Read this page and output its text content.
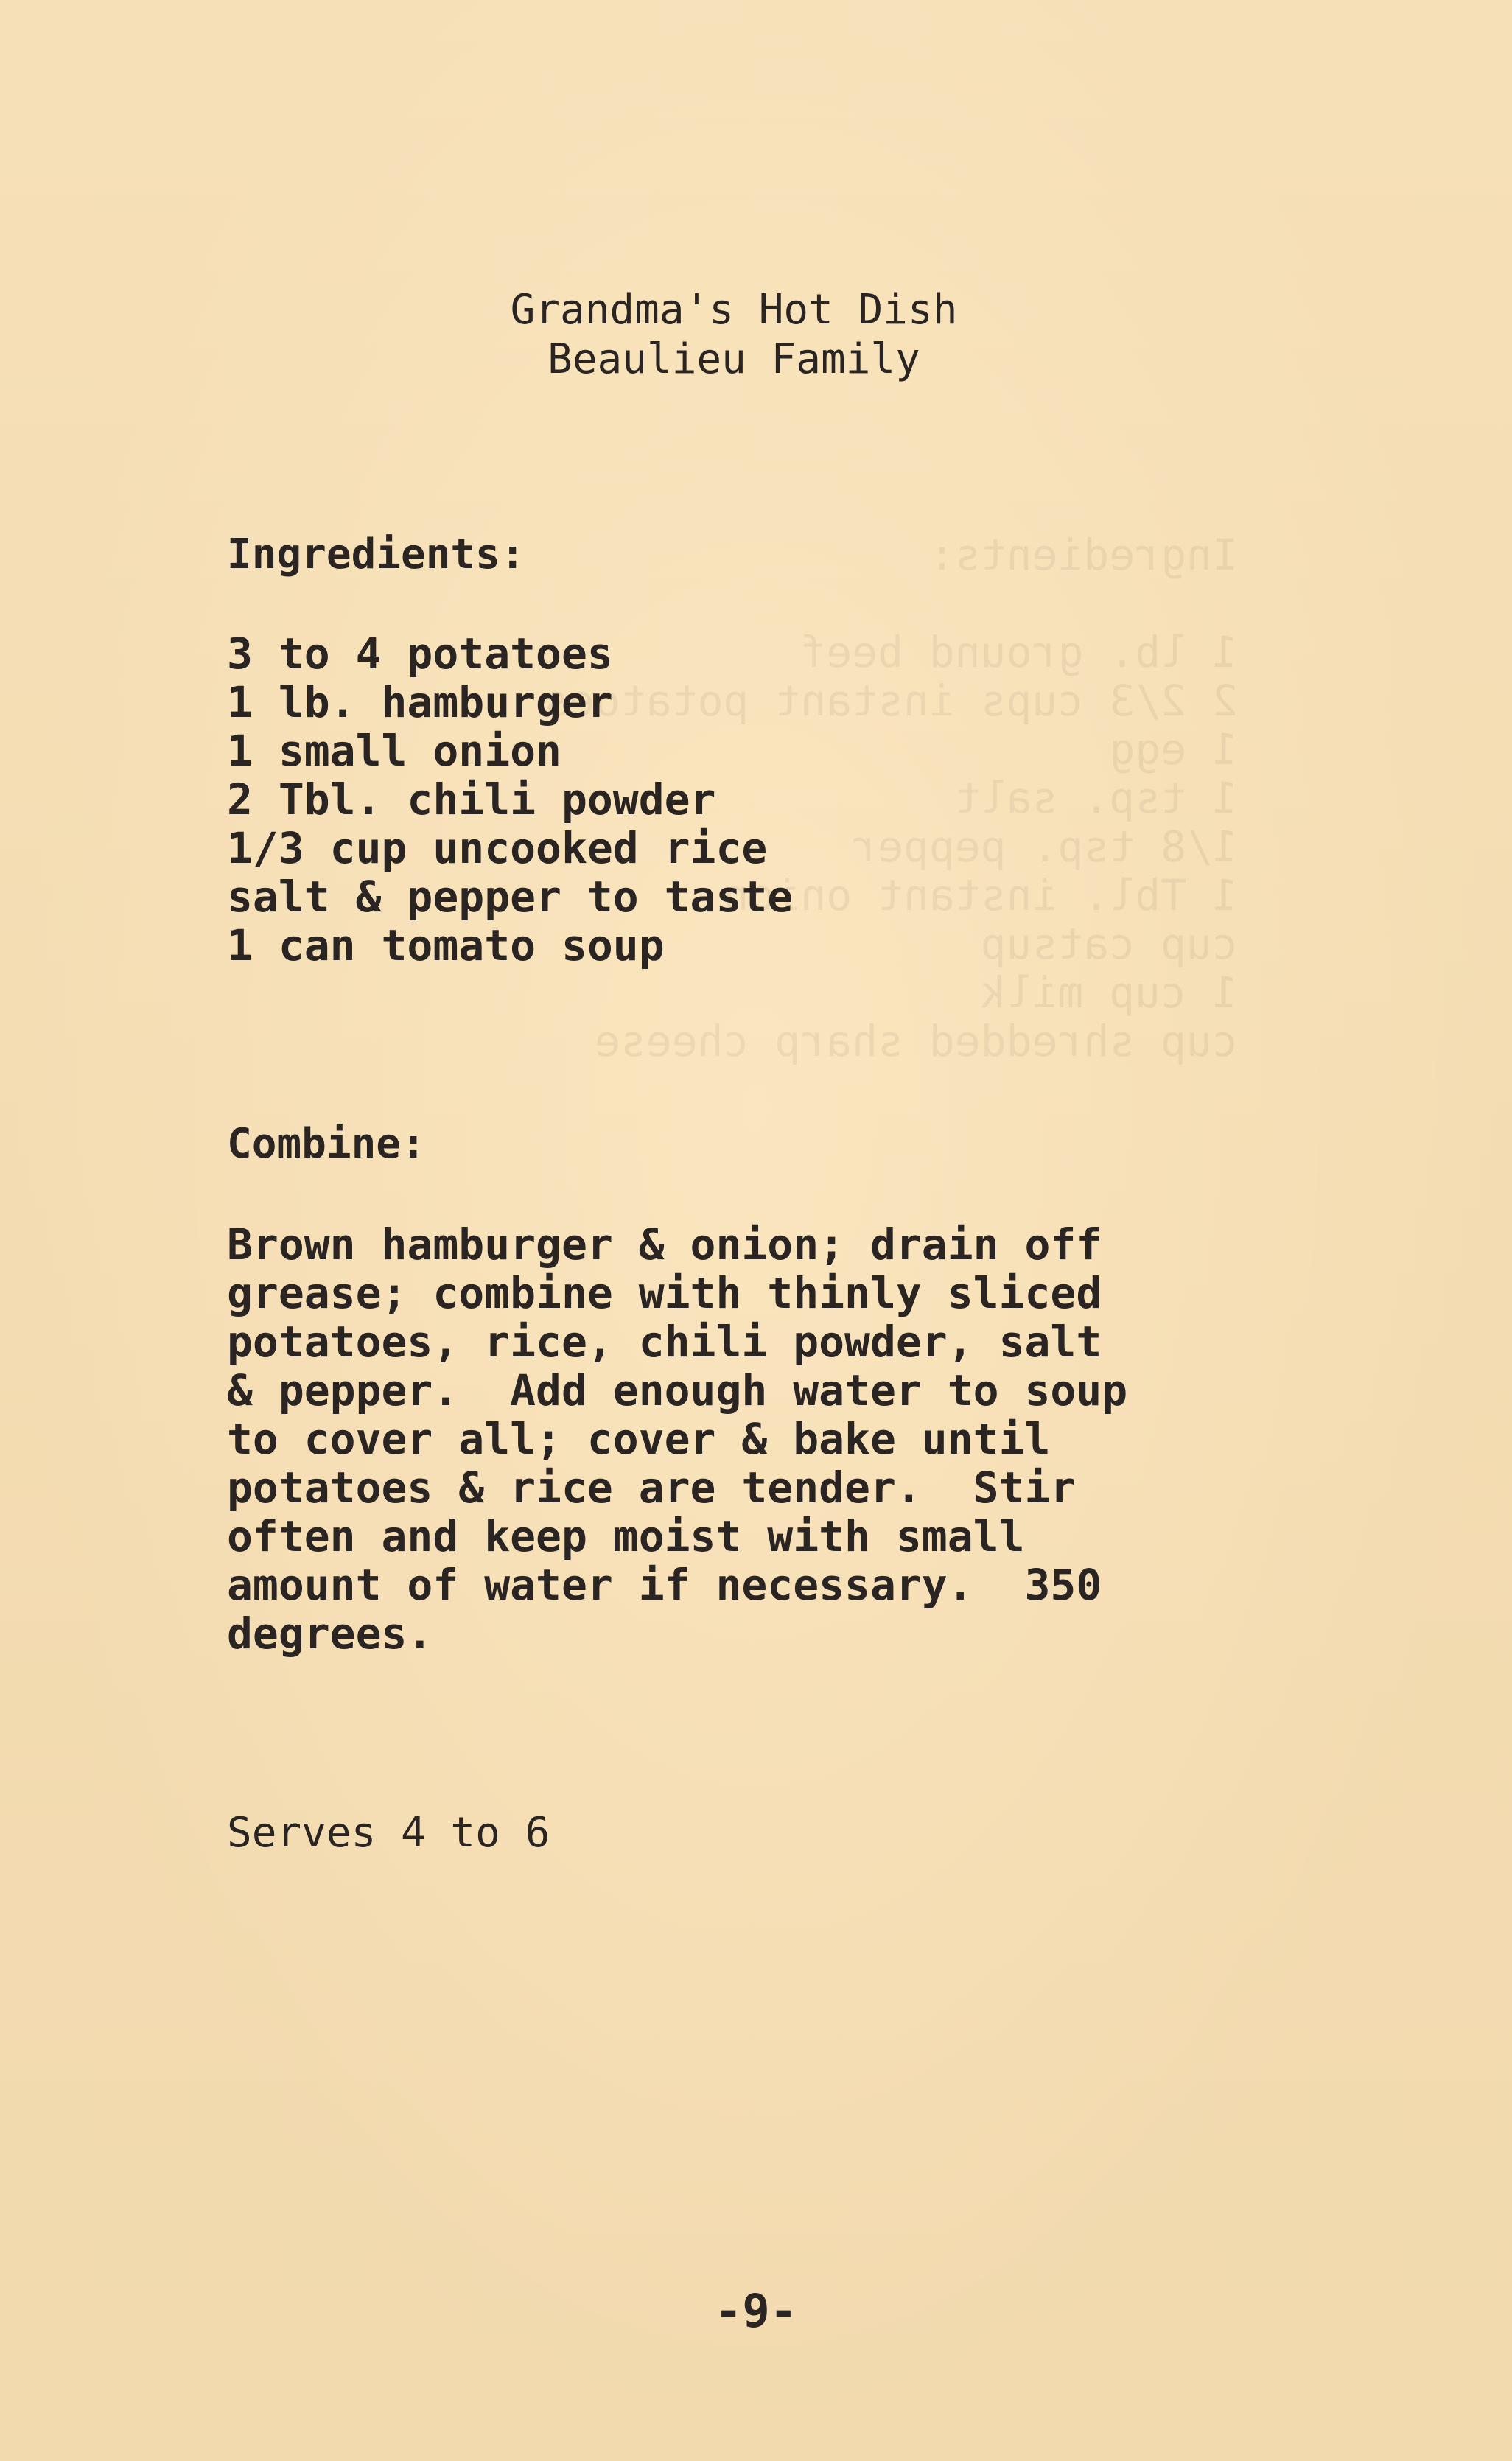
Ingredients:

1 lb. ground beef
2 2/3 cups instant potatoes
1 egg
1 tsp. salt
1/8 tsp. pepper
1 Tbl. instant onion
cup catsup
1 cup milk
cup shredded sharp cheese
Grandma's Hot Dish
Beaulieu Family
Ingredients:
3 to 4 potatoes
1 lb. hamburger
1 small onion
2 Tbl. chili powder
1/3 cup uncooked rice
salt & pepper to taste
1 can tomato soup
Combine:
Brown hamburger & onion; drain off
grease; combine with thinly sliced
potatoes, rice, chili powder, salt
& pepper.  Add enough water to soup
to cover all; cover & bake until
potatoes & rice are tender.  Stir
often and keep moist with small
amount of water if necessary.  350
degrees.
Serves 4 to 6
-9-
